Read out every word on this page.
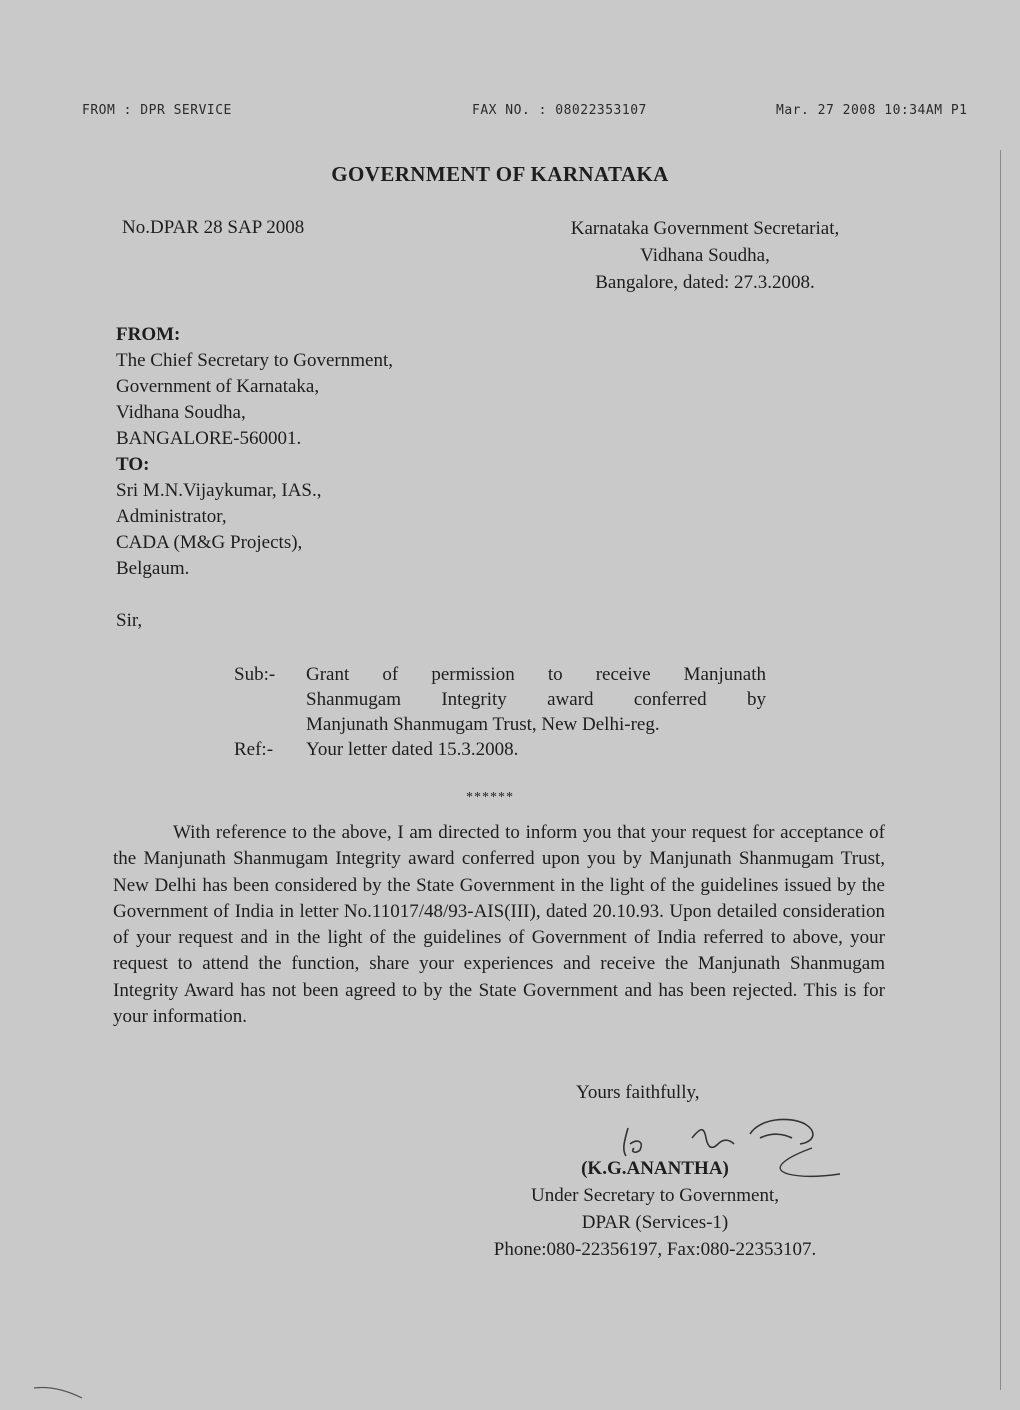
FROM : DPR SERVICE	FAX NO. : 08022353107	Mar. 27 2008 10:34AM P1
GOVERNMENT OF KARNATAKA
No.DPAR 28 SAP 2008	Karnataka Government Secretariat,
Vidhana Soudha,
Bangalore, dated: 27.3.2008.
FROM:
The Chief Secretary to Government,
Government of Karnataka,
Vidhana Soudha,
BANGALORE-560001.
TO:
Sri M.N.Vijaykumar, IAS.,
Administrator,
CADA (M&G Projects),
Belgaum.
Sir,
Sub:-	Grant of permission to receive Manjunath
Shanmugam Integrity award conferred by
Manjunath Shanmugam Trust, New Delhi-reg.
Ref:-	Your letter dated 15.3.2008.
******
With reference to the above, I am directed to inform you that your request for acceptance of the Manjunath Shanmugam Integrity award conferred upon you by Manjunath Shanmugam Trust, New Delhi has been considered by the State Government in the light of the guidelines issued by the Government of India in letter No.11017/48/93-AIS(III), dated 20.10.93. Upon detailed consideration of your request and in the light of the guidelines of Government of India referred to above, your request to attend the function, share your experiences and receive the Manjunath Shanmugam Integrity Award has not been agreed to by the State Government and has been rejected. This is for your information.
Yours faithfully,
(K.G.ANANTHA)
Under Secretary to Government,
DPAR (Services-1)
Phone:080-22356197, Fax:080-22353107.
